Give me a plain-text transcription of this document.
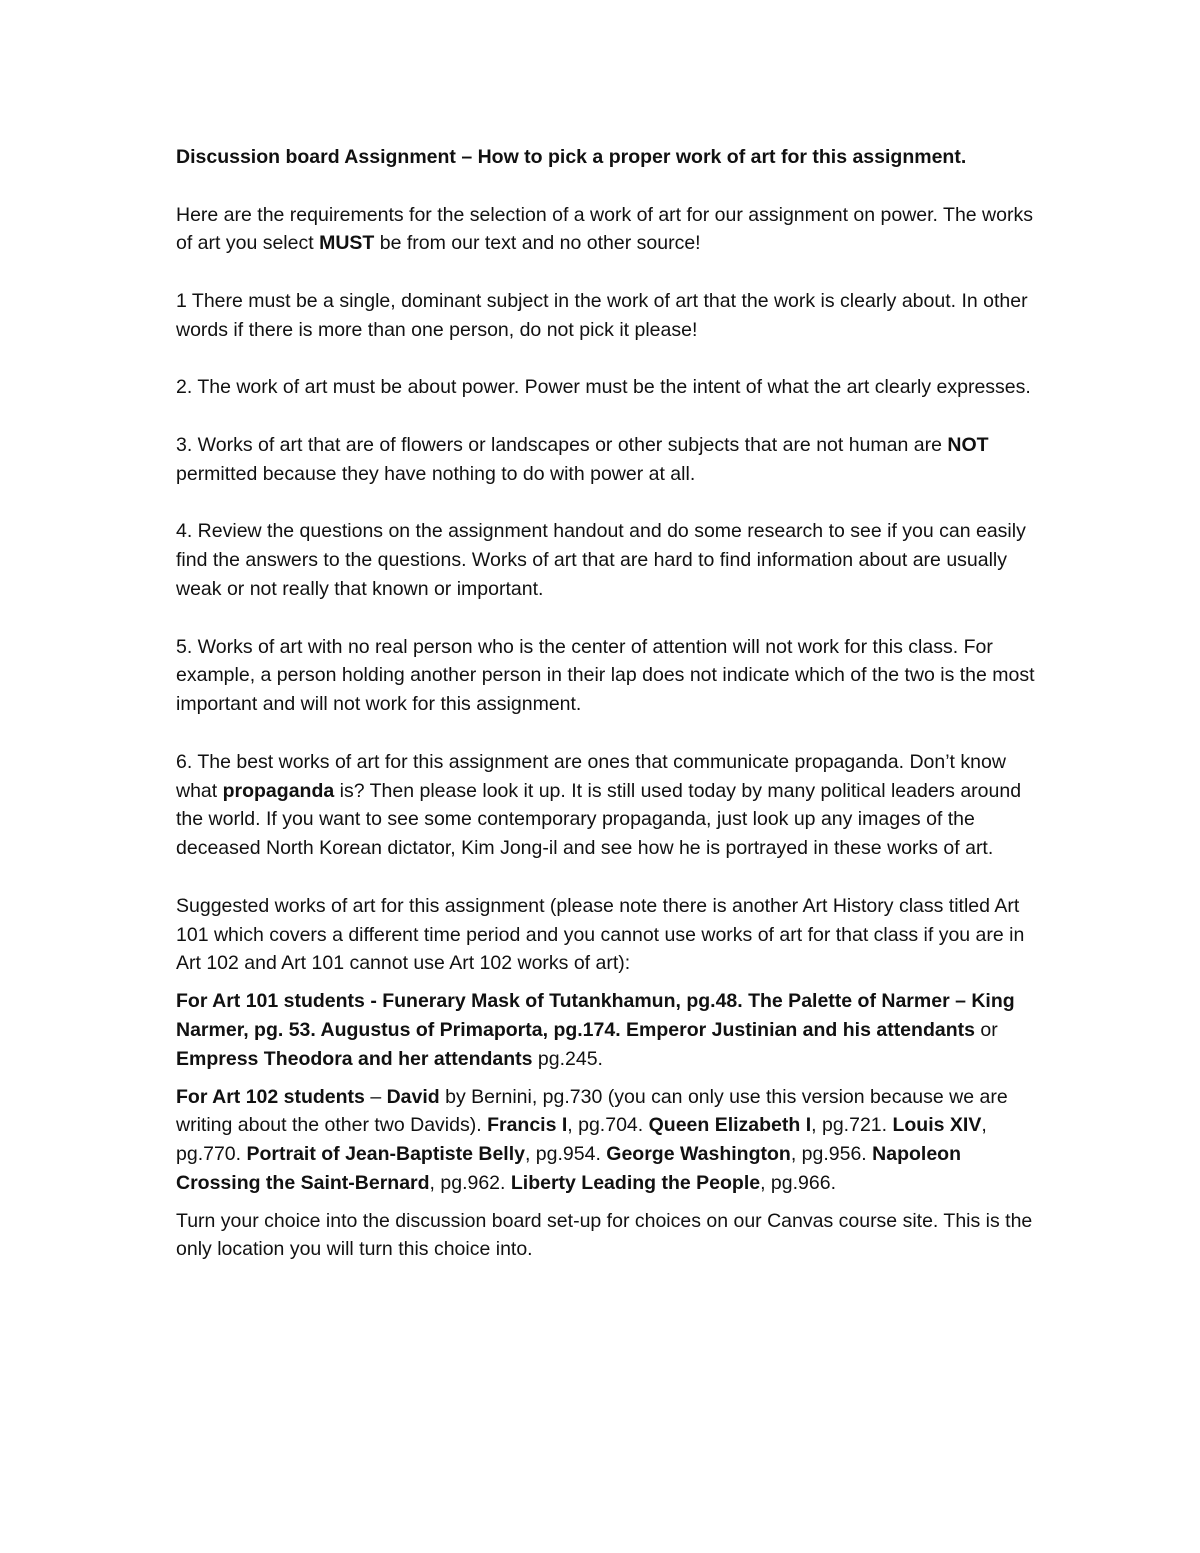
Discussion board Assignment – How to pick a proper work of art for this assignment.

Here are the requirements for the selection of a work of art for our assignment on power. The works of art you select MUST be from our text and no other source!

1 There must be a single, dominant subject in the work of art that the work is clearly about. In other words if there is more than one person, do not pick it please!

2. The work of art must be about power. Power must be the intent of what the art clearly expresses.

3. Works of art that are of flowers or landscapes or other subjects that are not human are NOT permitted because they have nothing to do with power at all.

4. Review the questions on the assignment handout and do some research to see if you can easily find the answers to the questions. Works of art that are hard to find information about are usually weak or not really that known or important.

5. Works of art with no real person who is the center of attention will not work for this class. For example, a person holding another person in their lap does not indicate which of the two is the most important and will not work for this assignment.

6. The best works of art for this assignment are ones that communicate propaganda. Don’t know what propaganda is? Then please look it up. It is still used today by many political leaders around the world. If you want to see some contemporary propaganda, just look up any images of the deceased North Korean dictator, Kim Jong-il and see how he is portrayed in these works of art.

Suggested works of art for this assignment (please note there is another Art History class titled Art 101 which covers a different time period and you cannot use works of art for that class if you are in Art 102 and Art 101 cannot use Art 102 works of art):

For Art 101 students - Funerary Mask of Tutankhamun, pg.48. The Palette of Narmer – King Narmer, pg. 53. Augustus of Primaporta, pg.174. Emperor Justinian and his attendants or Empress Theodora and her attendants pg.245.

For Art 102 students – David by Bernini, pg.730 (you can only use this version because we are writing about the other two Davids). Francis I, pg.704. Queen Elizabeth I, pg.721. Louis XIV, pg.770. Portrait of Jean-Baptiste Belly, pg.954. George Washington, pg.956. Napoleon Crossing the Saint-Bernard, pg.962. Liberty Leading the People, pg.966.

Turn your choice into the discussion board set-up for choices on our Canvas course site. This is the only location you will turn this choice into.
